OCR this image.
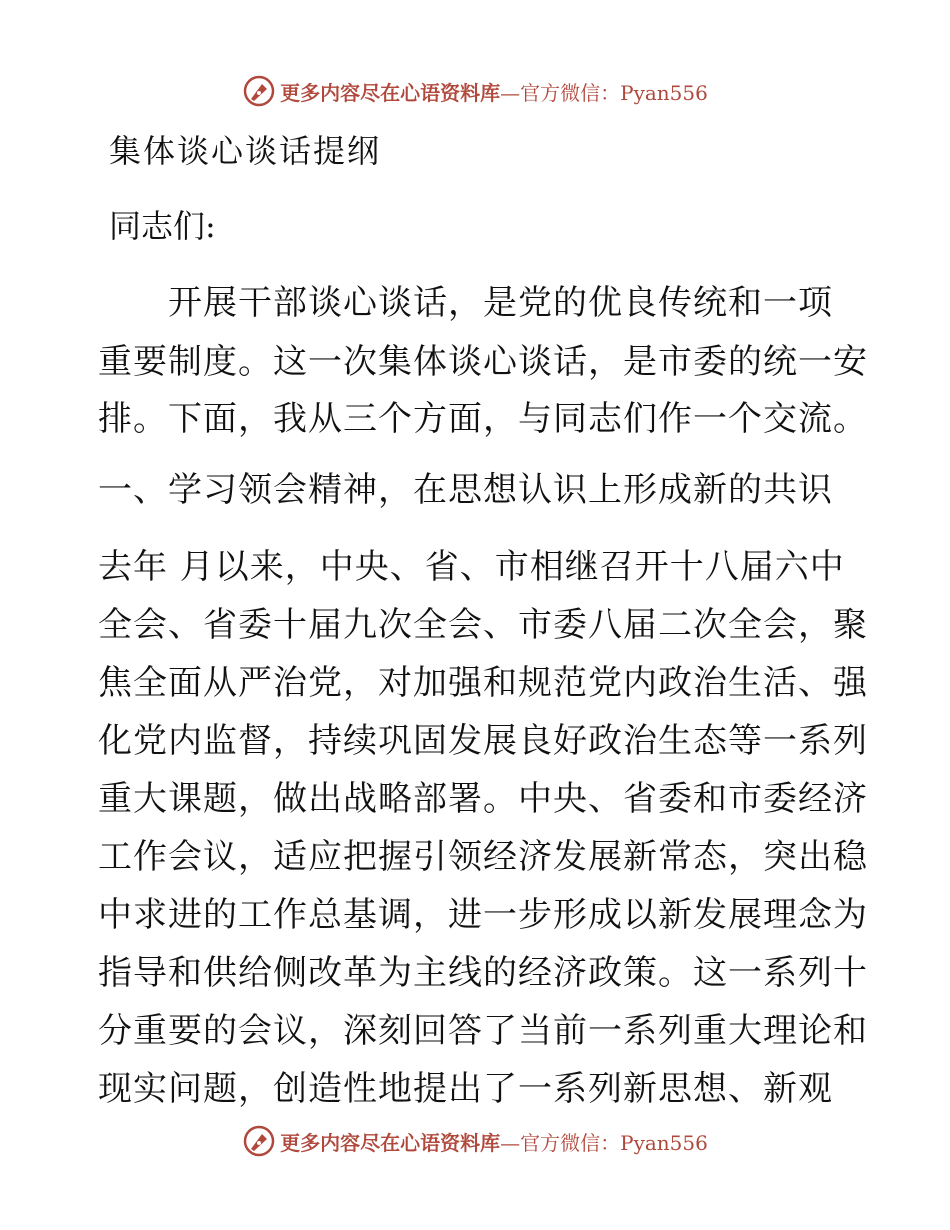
更多内容尽在心语资料库—官方微信：Pyan556
集体谈心谈话提纲
同志们:
　　开展干部谈心谈话，是党的优良传统和一项
重要制度。这一次集体谈心谈话，是市委的统一安
排。下面，我从三个方面，与同志们作一个交流。
一、学习领会精神，在思想认识上形成新的共识
去年 月以来，中央、省、市相继召开十八届六中
全会、省委十届九次全会、市委八届二次全会，聚
焦全面从严治党，对加强和规范党内政治生活、强
化党内监督，持续巩固发展良好政治生态等一系列
重大课题，做出战略部署。中央、省委和市委经济
工作会议，适应把握引领经济发展新常态，突出稳
中求进的工作总基调，进一步形成以新发展理念为
指导和供给侧改革为主线的经济政策。这一系列十
分重要的会议，深刻回答了当前一系列重大理论和
现实问题，创造性地提出了一系列新思想、新观
更多内容尽在心语资料库—官方微信：Pyan556
